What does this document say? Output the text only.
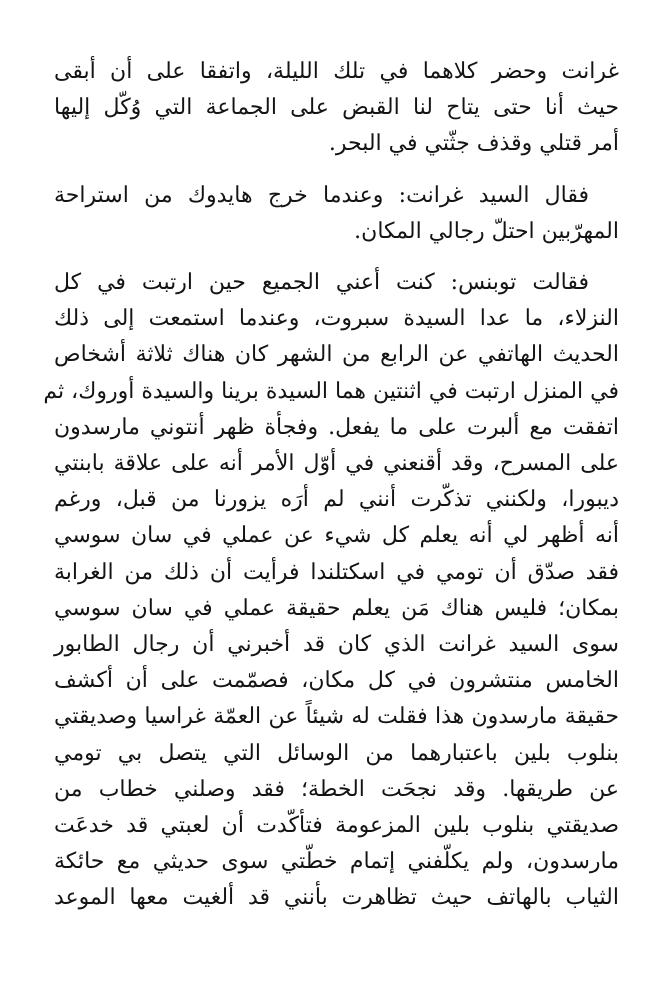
غرانت وحضر كلاهما في تلك الليلة، واتفقا على أن أبقى
حيث أنا حتى يتاح لنا القبض على الجماعة التي وُكّل إليها
أمر قتلي وقذف جثّتي في البحر.

فقال السيد غرانت: وعندما خرج هايدوك من استراحة
المهرّبين احتلّ رجالي المكان.

فقالت توبنس: كنت أعني الجميع حين ارتبت في كل
النزلاء، ما عدا السيدة سبروت، وعندما استمعت إلى ذلك
الحديث الهاتفي عن الرابع من الشهر كان هناك ثلاثة أشخاص
في المنزل ارتبت في اثنتين هما السيدة برينا والسيدة أوروك، ثم
اتفقت مع ألبرت على ما يفعل. وفجأة ظهر أنتوني مارسدون
على المسرح، وقد أقنعني في أوّل الأمر أنه على علاقة بابنتي
ديبورا، ولكنني تذكّرت أنني لم أرَه يزورنا من قبل، ورغم
أنه أظهر لي أنه يعلم كل شيء عن عملي في سان سوسي
فقد صدّق أن تومي في اسكتلندا فرأيت أن ذلك من الغرابة
بمكان؛ فليس هناك مَن يعلم حقيقة عملي في سان سوسي
سوى السيد غرانت الذي كان قد أخبرني أن رجال الطابور
الخامس منتشرون في كل مكان، فصمّمت على أن أكشف
حقيقة مارسدون هذا فقلت له شيئاً عن العمّة غراسيا وصديقتي
بنلوب بلين باعتبارهما من الوسائل التي يتصل بي تومي
عن طريقها. وقد نجحَت الخطة؛ فقد وصلني خطاب من
صديقتي بنلوب بلين المزعومة فتأكّدت أن لعبتي قد خدعَت
مارسدون، ولم يكلّفني إتمام خطّتي سوى حديثي مع حائكة
الثياب بالهاتف حيث تظاهرت بأنني قد ألغيت معها الموعد
